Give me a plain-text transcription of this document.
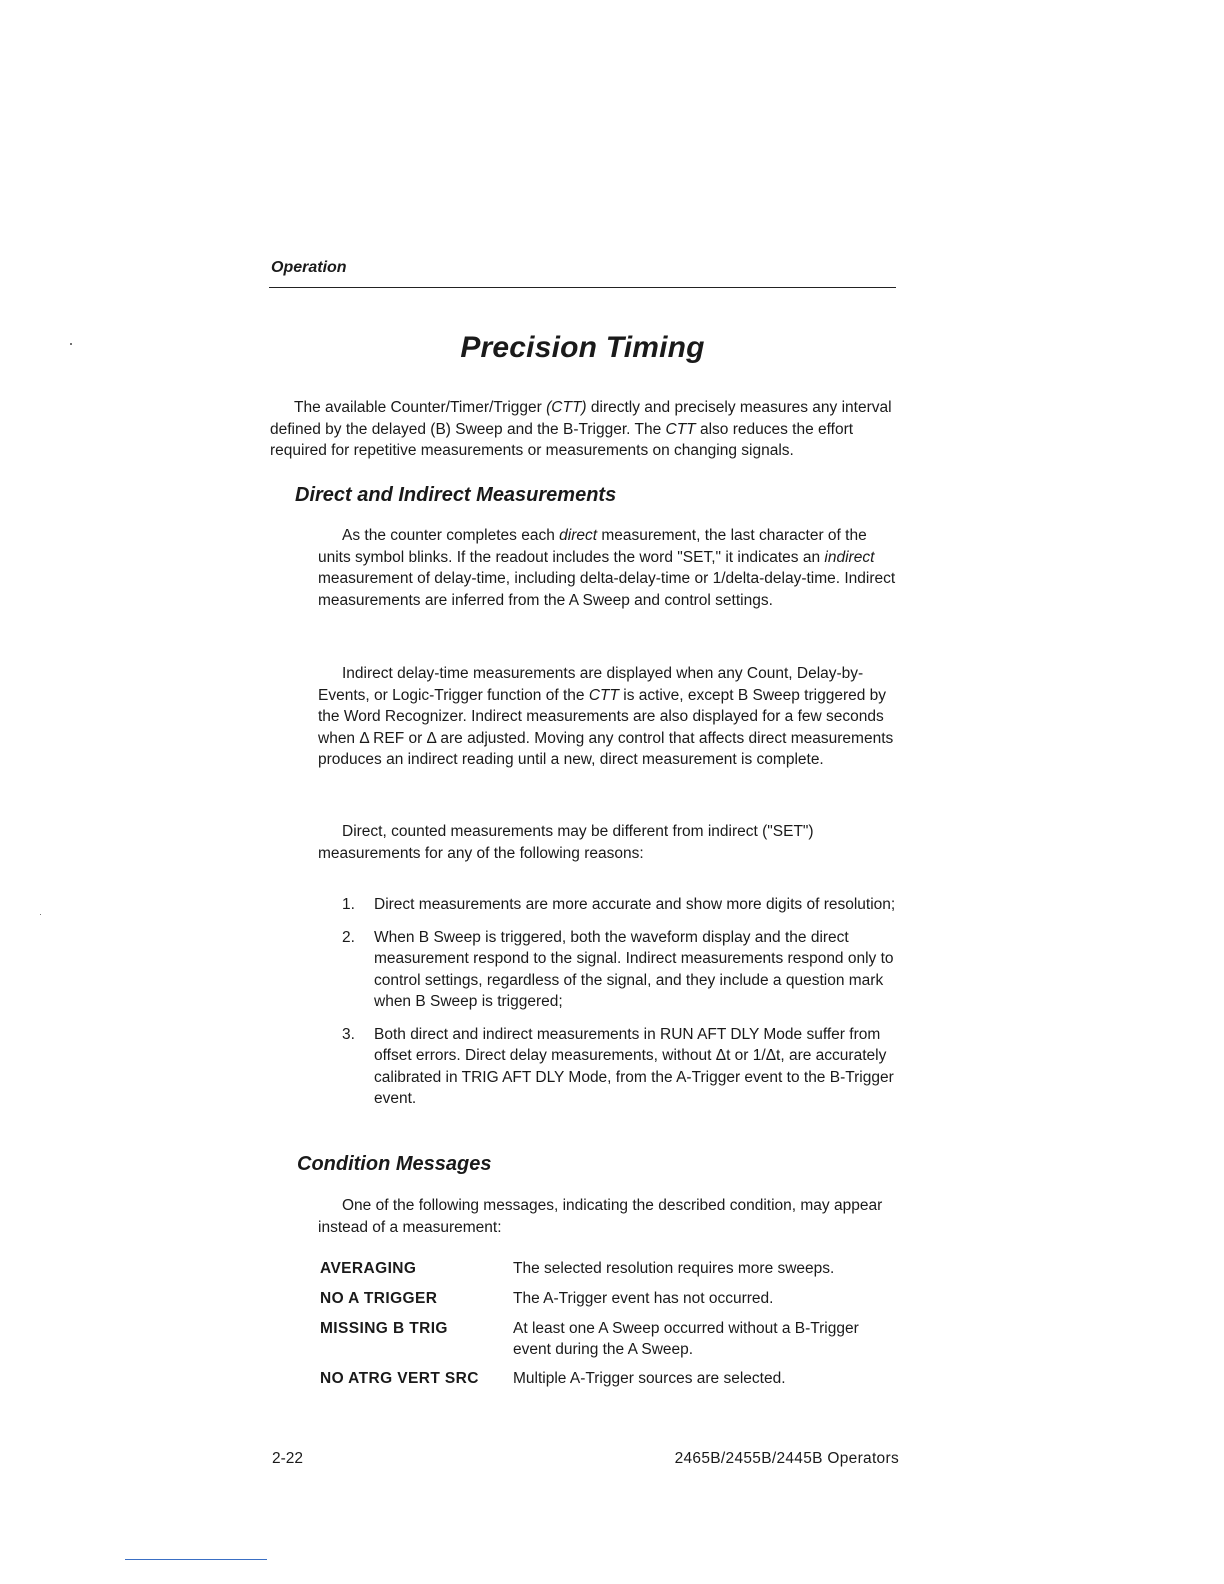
Operation
Precision Timing

The available Counter/Timer/Trigger (CTT) directly and precisely measures any interval defined by the delayed (B) Sweep and the B-Trigger. The CTT also reduces the effort required for repetitive measurements or measurements on changing signals.

Direct and Indirect Measurements

As the counter completes each direct measurement, the last character of the units symbol blinks. If the readout includes the word "SET," it indicates an indirect measurement of delay-time, including delta-delay-time or 1/delta-delay-time. Indirect measurements are inferred from the A Sweep and control settings.

Indirect delay-time measurements are displayed when any Count, Delay-by-Events, or Logic-Trigger function of the CTT is active, except B Sweep triggered by the Word Recognizer. Indirect measurements are also displayed for a few seconds when Δ REF or Δ are adjusted. Moving any control that affects direct measurements produces an indirect reading until a new, direct measurement is complete.

Direct, counted measurements may be different from indirect ("SET") measurements for any of the following reasons:

1. Direct measurements are more accurate and show more digits of resolution;
2. When B Sweep is triggered, both the waveform display and the direct measurement respond to the signal. Indirect measurements respond only to control settings, regardless of the signal, and they include a question mark when B Sweep is triggered;
3. Both direct and indirect measurements in RUN AFT DLY Mode suffer from offset errors. Direct delay measurements, without Δt or 1/Δt, are accurately calibrated in TRIG AFT DLY Mode, from the A-Trigger event to the B-Trigger event.
Condition Messages

One of the following messages, indicating the described condition, may appear instead of a measurement:

AVERAGING	The selected resolution requires more sweeps.
NO A TRIGGER	The A-Trigger event has not occurred.
MISSING B TRIG	At least one A Sweep occurred without a B-Trigger event during the A Sweep.
NO ATRG VERT SRC	Multiple A-Trigger sources are selected.
2-22	2465B/2455B/2445B Operators
